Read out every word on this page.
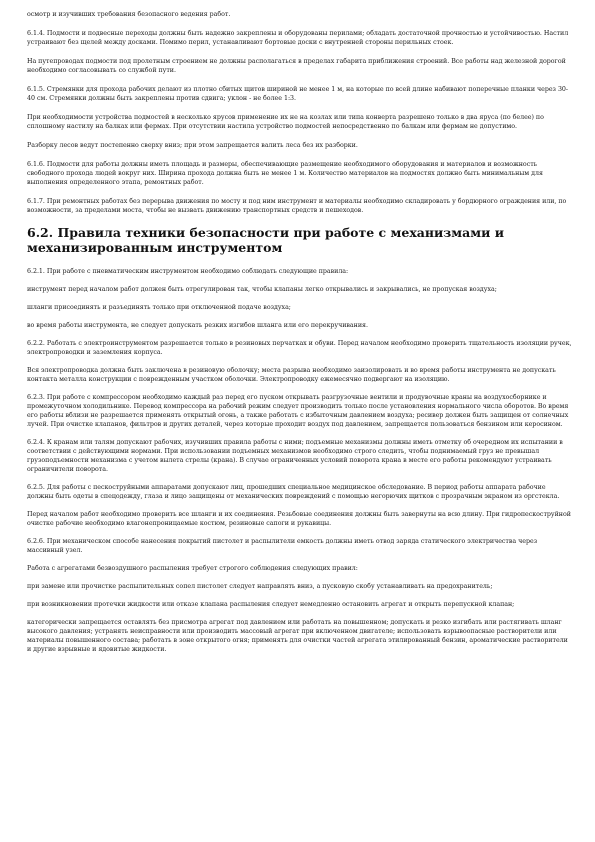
осмотр и изучивших требования безопасного ведения работ.

6.1.4. Подмости и подвесные переходы должны быть надежно закреплены и оборудованы перилами; обладать достаточной прочностью и устойчивостью. Настил устраивают без щелей между досками. Помимо перил, устанавливают бортовые доски с внутренней стороны перильных стоек.

На путепроводах подмости под пролетным строением не должны располагаться в пределах габарита приближения строений. Все работы над железной дорогой необходимо согласовывать со службой пути.

6.1.5. Стремянки для прохода рабочих делают из плотно сбитых щитов шириной не менее 1 м, на которые по всей длине набивают поперечные планки через 30-40 см. Стремянки должны быть закреплены против сдвига; уклон - не более 1:3.

При необходимости устройства подмостей в несколько ярусов применение их не на козлах или типа конверта разрешено только в два яруса (по белее) по сплошному настилу на балках или фермах. При отсутствии настила устройство подмостей непосредственно по балкам или фермам не допустимо.

Разборку лесов ведут постепенно сверху вниз; при этом запрещается валить леса без их разборки.

6.1.6. Подмости для работы должны иметь площадь и размеры, обеспечивающие размещение необходимого оборудования и материалов и возможность свободного прохода людей вокруг них. Ширина прохода должна быть не менее 1 м. Количество материалов на подмостях должно быть минимальным для выполнения определенного этапа, ремонтных работ.

6.1.7. При ремонтных работах без перерыва движения по мосту и под ним инструмент и материалы необходимо складировать у бордюрного ограждения или, по возможности, за пределами моста, чтобы не вызвать движению транспортных средств и пешеходов.

6.2. Правила техники безопасности при работе с механизмами и механизированным инструментом

6.2.1. При работе с пневматическим инструментом необходимо соблюдать следующие правила:

инструмент перед началом работ должен быть отрегулирован так, чтобы клапаны легко открывались и закрывались, не пропуская воздуха;

шланги присоединять и разъединять только при отключенной подаче воздуха;

во время работы инструмента, не следует допускать резких изгибов шланга или его перекручивания.

6.2.2. Работать с электроинструментом разрешается только в резиновых перчатках и обуви. Перед началом необходимо проверить тщательность изоляции ручек, электропроводки и заземления корпуса.

Вся электропроводка должна быть заключена в резиновую оболочку; места разрыва необходимо заизолировать и во время работы инструмента не допускать контакта металла конструкции с поврежденным участком оболочки. Электропроводку ежемесячно подвергают на изоляцию.

6.2.3. При работе с компрессором необходимо каждый раз перед его пуском открывать разгрузочные вентили и продувочные краны на воздухосборнике и промежуточном холодильнике. Перевод компрессора на рабочий режим следует производить только после установления нормального числа оборотов. Во время его работы вблизи не разрешается применять открытый огонь, а также работать с избыточным давлением воздуха; ресивер должен быть защищен от солнечных лучей. При очистке клапанов, фильтров и других деталей, через которые проходит воздух под давлением, запрещается пользоваться бензином или керосином.

6.2.4. К кранам или талям допускают рабочих, изучивших правила работы с ними; подъемные механизмы должны иметь отметку об очередном их испытании в соответствии с действующими нормами. При использовании подъемных механизмов необходимо строго следить, чтобы поднимаемый груз не превышал грузоподъемности механизма с учетом вылета стрелы (крана). В случае ограниченных условий поворота крана в месте его работы рекомендуют устраивать ограничители поворота.

6.2.5. Для работы с пескоструйными аппаратами допускают лиц, прошедших специальное медицинское обследование. В период работы аппарата рабочие должны быть одеты в спецодежду, глаза и лицо защищены от механических повреждений с помощью негорючих щитков с прозрачным экраном из оргстекла.

Перед началом работ необходимо проверить все шланги и их соединения. Резьбовые соединения должны быть завернуты на всю длину. При гидропескоструйной очистке рабочие необходимо влагонепроницаемые костюм, резиновые сапоги и рукавицы.

6.2.6. При механическом способе нанесения покрытий пистолет и распылители емкость должны иметь отвод заряда статического электричества через массивный узел.

Работа с агрегатами безвоздушного распыления требует строгого соблюдения следующих правил:

при замене или прочистке распылительных сопел пистолет следует направлять вниз, а пусковую скобу устанавливать на предохранитель;

при возникновении протечки жидкости или отказе клапана распыления следует немедленно остановить агрегат и открыть перепускной клапан;

категорически запрещается оставлять без присмотра агрегат под давлением или работать на повышенном; допускать и резко изгибать или растягивать шланг высокого давления; устранять неисправности или производить массовый агрегат при включенном двигателе; использовать взрывоопасные растворители или материалы повышенного состава; работать в зоне открытого огня; применять для очистки частей агрегата этилированный бензин, ароматические растворители и другие взрывные и ядовитые жидкости.
